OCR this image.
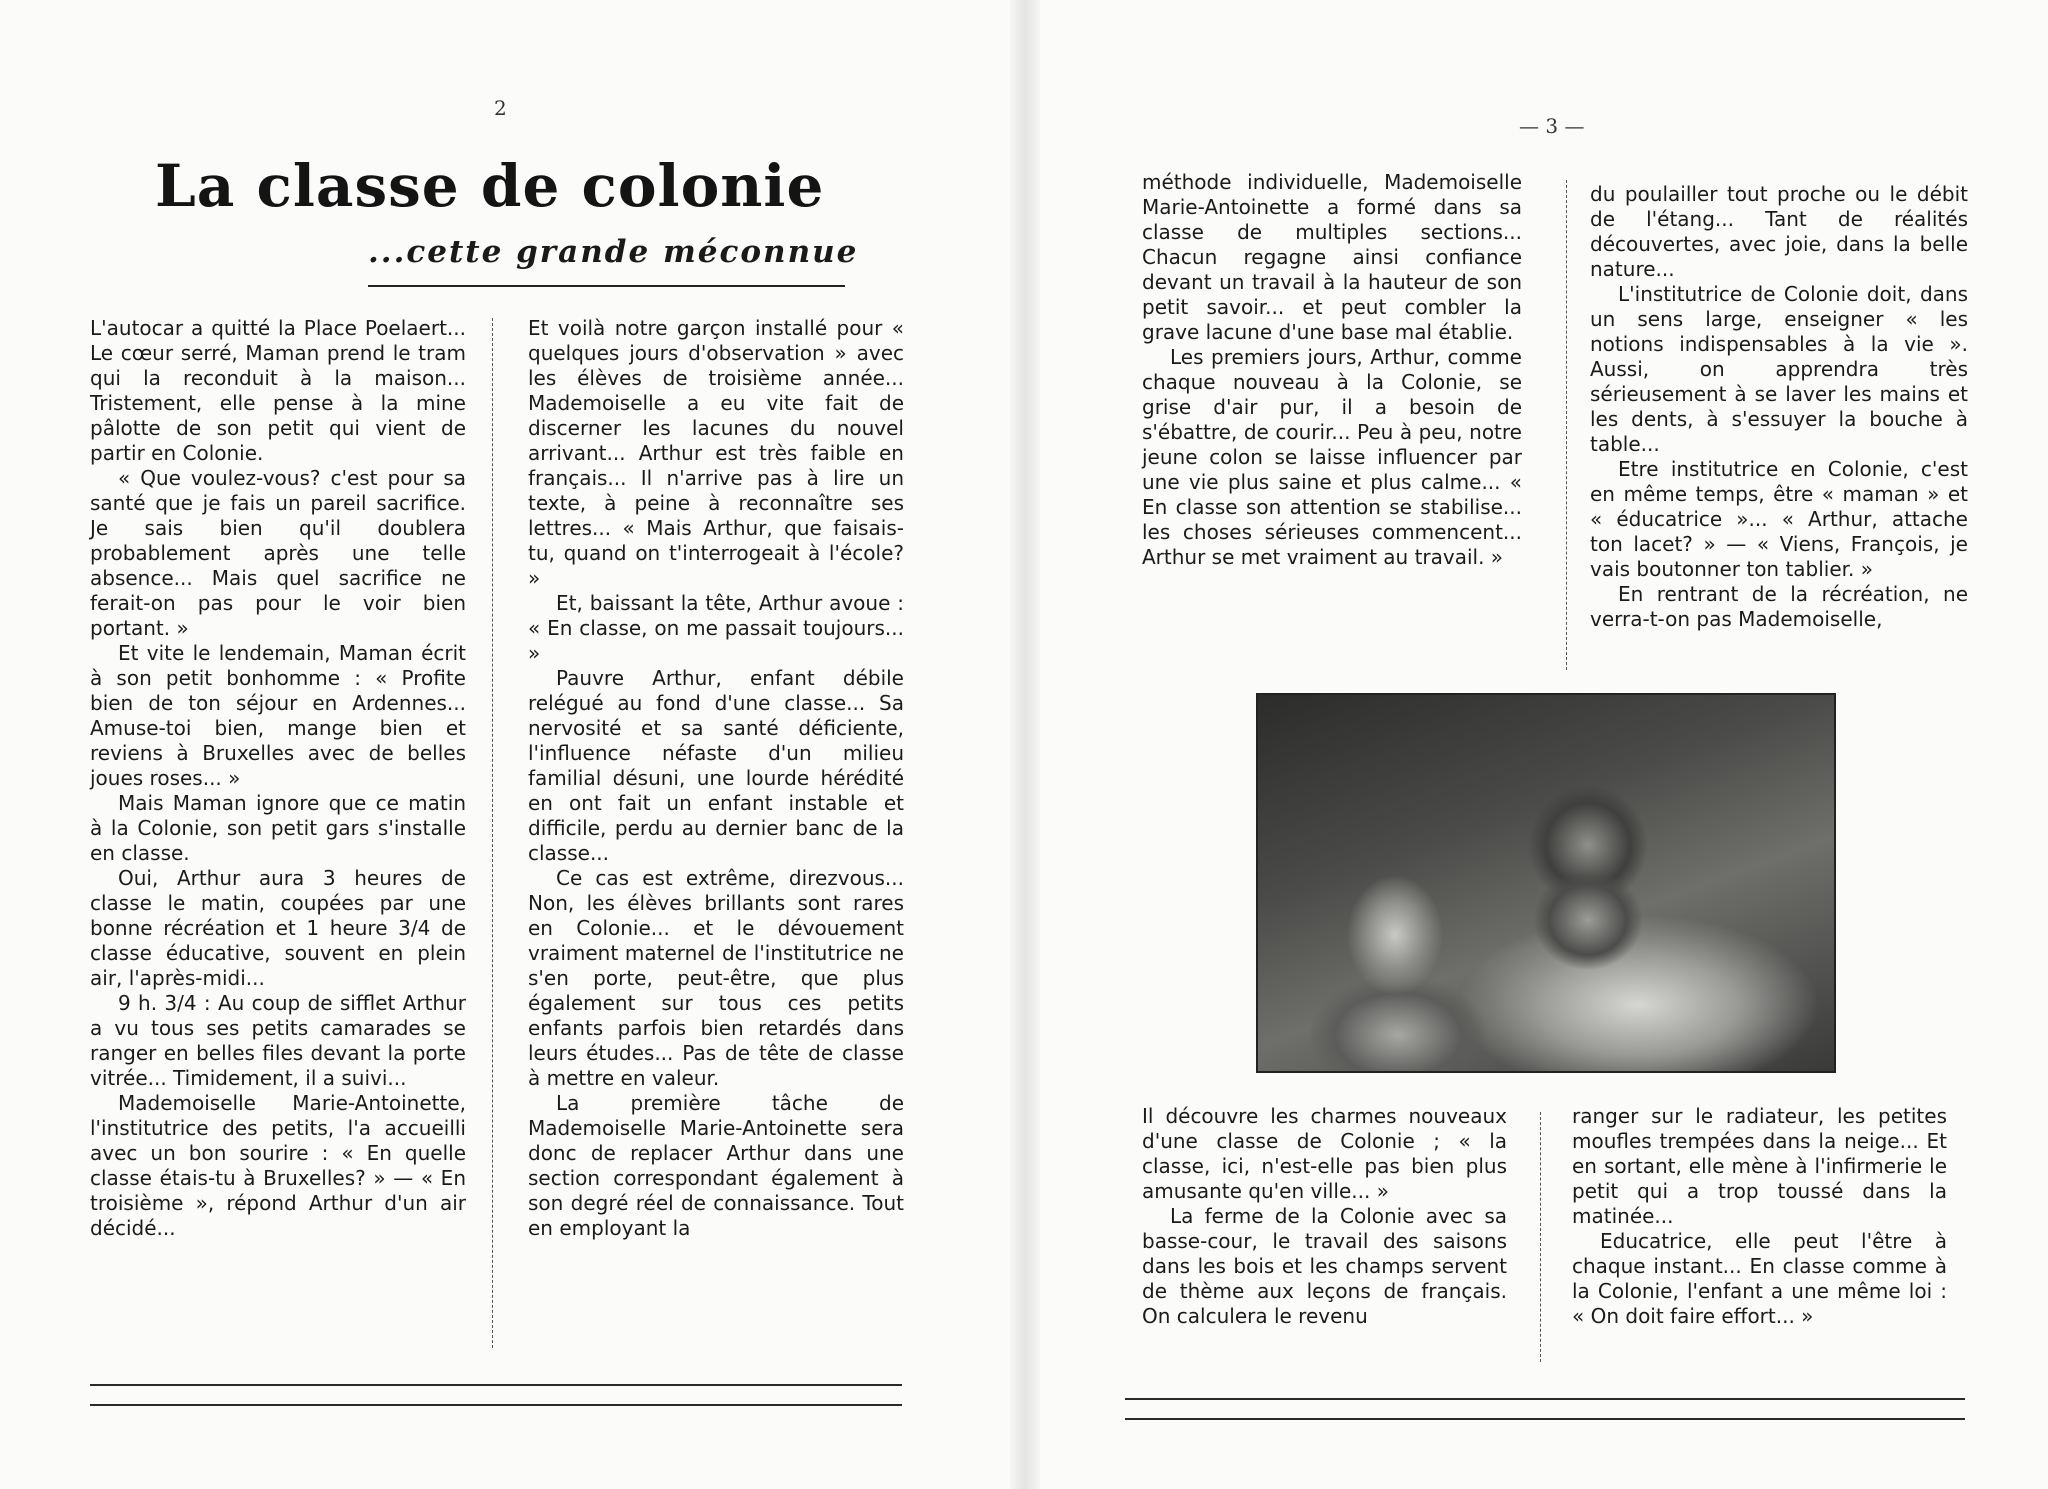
2
La classe de colonie
...cette grande méconnue

L'autocar a quitté la Place Poelaert... Le cœur serré, Maman prend le tram qui la reconduit à la maison... Tristement, elle pense à la mine pâlotte de son petit qui vient de partir en Colonie.

« Que voulez-vous? c'est pour sa santé que je fais un pareil sacrifice. Je sais bien qu'il doublera probablement après une telle absence... Mais quel sacrifice ne ferait-on pas pour le voir bien portant. »

Et vite le lendemain, Maman écrit à son petit bonhomme : « Profite bien de ton séjour en Ardennes... Amuse-toi bien, mange bien et reviens à Bruxelles avec de belles joues roses... »

Mais Maman ignore que ce matin à la Colonie, son petit gars s'installe en classe.

Oui, Arthur aura 3 heures de classe le matin, coupées par une bonne récréation et 1 heure 3/4 de classe éducative, souvent en plein air, l'après-midi...

9 h. 3/4 : Au coup de sifflet Arthur a vu tous ses petits camarades se ranger en belles files devant la porte vitrée... Timidement, il a suivi...

Mademoiselle Marie-Antoinette, l'institutrice des petits, l'a accueilli avec un bon sourire : « En quelle classe étais-tu à Bruxelles? » — « En troisième », répond Arthur d'un air décidé...

Et voilà notre garçon installé pour « quelques jours d'observation » avec les élèves de troisième année... Mademoiselle a eu vite fait de discerner les lacunes du nouvel arrivant... Arthur est très faible en français... Il n'arrive pas à lire un texte, à peine à reconnaître ses lettres... « Mais Arthur, que faisais-tu, quand on t'interrogeait à l'école? »

Et, baissant la tête, Arthur avoue : « En classe, on me passait toujours... »

Pauvre Arthur, enfant débile relégué au fond d'une classe... Sa nervosité et sa santé déficiente, l'influence néfaste d'un milieu familial désuni, une lourde hérédité en ont fait un enfant instable et difficile, perdu au dernier banc de la classe...

Ce cas est extrême, direzvous... Non, les élèves brillants sont rares en Colonie... et le dévouement vraiment maternel de l'institutrice ne s'en porte, peut-être, que plus également sur tous ces petits enfants parfois bien retardés dans leurs études... Pas de tête de classe à mettre en valeur.

La première tâche de Mademoiselle Marie-Antoinette sera donc de replacer Arthur dans une section correspondant également à son degré réel de connaissance. Tout en employant la

— 3 —

méthode individuelle, Mademoiselle Marie-Antoinette a formé dans sa classe de multiples sections... Chacun regagne ainsi confiance devant un travail à la hauteur de son petit savoir... et peut combler la grave lacune d'une base mal établie.

Les premiers jours, Arthur, comme chaque nouveau à la Colonie, se grise d'air pur, il a besoin de s'ébattre, de courir... Peu à peu, notre jeune colon se laisse influencer par une vie plus saine et plus calme... « En classe son attention se stabilise... les choses sérieuses commencent... Arthur se met vraiment au travail. »

du poulailler tout proche ou le débit de l'étang... Tant de réalités découvertes, avec joie, dans la belle nature...

L'institutrice de Colonie doit, dans un sens large, enseigner « les notions indispensables à la vie ». Aussi, on apprendra très sérieusement à se laver les mains et les dents, à s'essuyer la bouche à table...

Etre institutrice en Colonie, c'est en même temps, être « maman » et « éducatrice »... « Arthur, attache ton lacet? » — « Viens, François, je vais boutonner ton tablier. »

En rentrant de la récréation, ne verra-t-on pas Mademoiselle,

Il découvre les charmes nouveaux d'une classe de Colonie ; « la classe, ici, n'est-elle pas bien plus amusante qu'en ville... »

La ferme de la Colonie avec sa basse-cour, le travail des saisons dans les bois et les champs servent de thème aux leçons de français. On calculera le revenu

ranger sur le radiateur, les petites moufles trempées dans la neige... Et en sortant, elle mène à l'infirmerie le petit qui a trop toussé dans la matinée...

Educatrice, elle peut l'être à chaque instant... En classe comme à la Colonie, l'enfant a une même loi : « On doit faire effort... »
